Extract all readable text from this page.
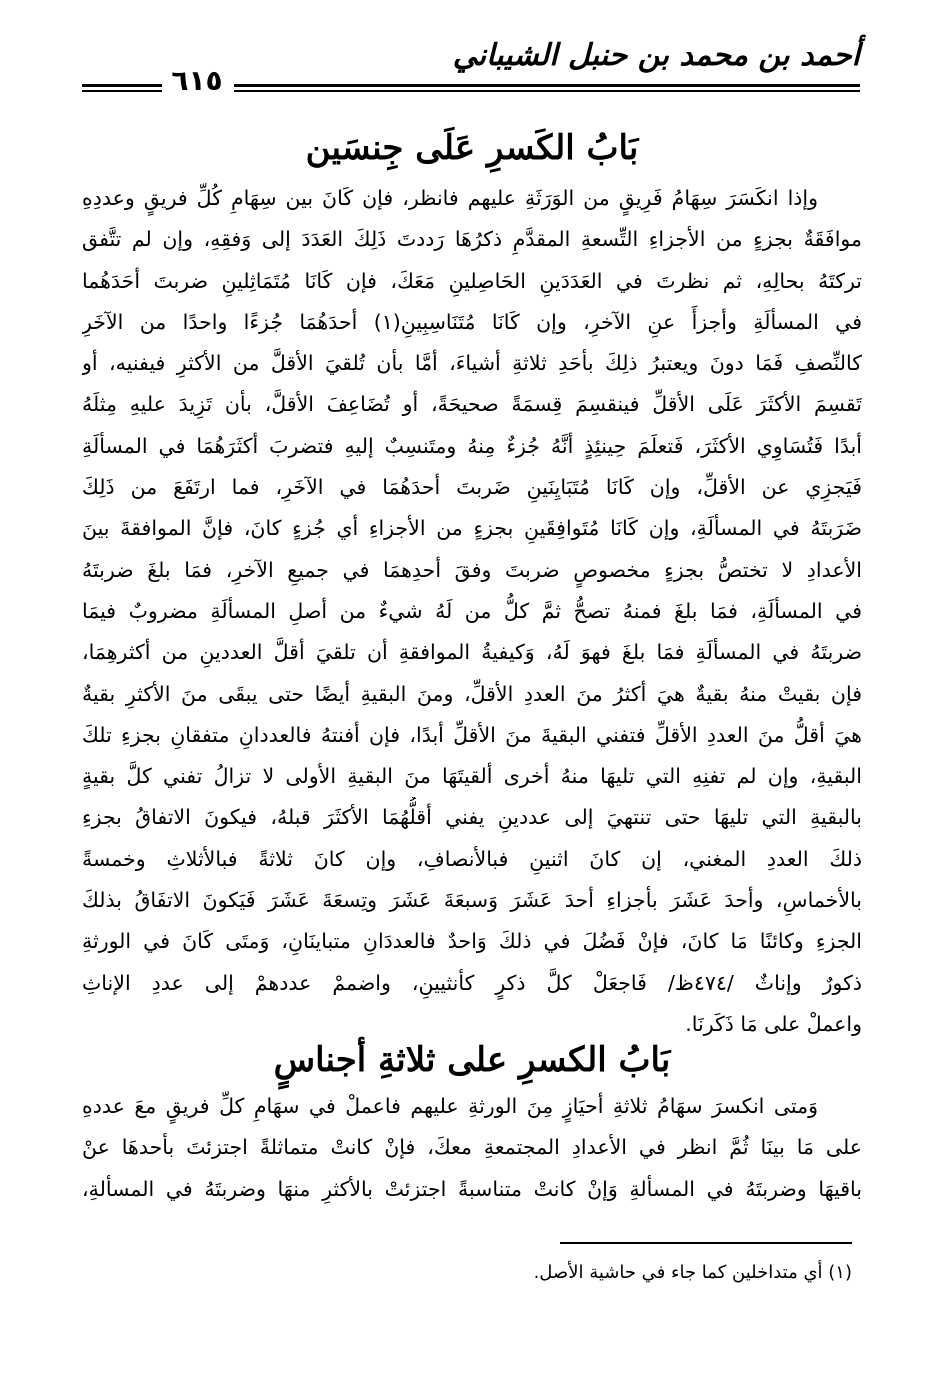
أحمد بن محمد بن حنبل الشيباني
٦١٥
بَابُ الكَسرِ عَلَى جِنسَين
وإذا انكَسَرَ سِهَامُ فَرِيقٍ من الوَرَثَةِ عليهم فانظر، فإن كَانَ بين سِهَامِ كُلِّ فريقٍ وعددِهِ
موافَقَةٌ بجزءٍ من الأجزاءِ التِّسعةِ المقدَّمِ ذكرُهَا رَددتَ ذَلِكَ العَدَدَ إلى وَفقِهِ، وإن لم تتَّفق
تركتَهُ بحالِهِ، ثم نظرتَ في العَدَدَينِ الحَاصِلينِ مَعَكَ، فإن كَانَا مُتَمَاثِلينِ ضربتَ أحَدَهُما
في المسألَةِ وأجزأَ عنِ الآخرِ، وإن كَانَا مُتَنَاسِبِينِ(١) أحدَهُمَا جُزءًا واحدًا من الآخَرِ
كالنِّصفِ فَمَا دونَ ويعتبرُ ذلِكَ بأحَدِ ثلاثةِ أشياءَ، أمَّا بأن تُلقيَ الأقلَّ من الأكثرِ فيفنيه، أو
تَقسِمَ الأكثَرَ عَلَى الأقلِّ فينقسِمَ قِسمَةً صحيحَةً، أو تُضَاعِفَ الأقلَّ، بأن تَزِيدَ عليهِ مِثلَهُ
أبدًا فَتُسَاوِي الأكثَرَ، فَتعلَمَ حِينئِذٍ أنَّهُ جُزءٌ مِنهُ ومتَنسِبٌ إليهِ فتضربَ أكثَرَهُمَا في المسألَةِ
فَيَجزِي عن الأقلِّ، وإن كَانَا مُتَبَايِنَينِ ضَربتَ أحدَهُمَا في الآخَرِ، فما ارتَفَعَ من ذَلِكَ
ضَرَبتَهُ في المسألَةِ، وإن كَانَا مُتَوافِقَينِ بجزءٍ من الأجزاءِ أي جُزءٍ كانَ، فإنَّ الموافقةَ بينَ
الأعدادِ لا تختصُّ بجزءٍ مخصوصٍ ضربتَ وفقَ أحدِهمَا في جميعِ الآخرِ، فمَا بلغَ ضربتَهُ
في المسألَةِ، فمَا بلغَ فمنهُ تصحُّ ثمَّ كلُّ من لَهُ شيءٌ من أصلِ المسألَةِ مضروبٌ فيمَا
ضربتَهُ في المسألَةِ فمَا بلغَ فهوَ لَهُ، وَكيفيةُ الموافقةِ أن تلقيَ أقلَّ العددينِ من أكثرهِمَا،
فإن بقيتْ منهُ بقيةٌ هيَ أكثرُ منَ العددِ الأقلِّ، ومنَ البقيةِ أيضًا حتى يبقَى منَ الأكثرِ بقيةٌ
هيَ أقلُّ منَ العددِ الأقلِّ فتفني البقيةَ منَ الأقلِّ أبدًا، فإن أفنتهُ فالعددانِ متفقانِ بجزءِ تلكَ
البقيةِ، وإن لم تفنِهِ التي تليهَا منهُ أخرى ألقيتَهَا منَ البقيةِ الأولى لا تزالُ تفني كلَّ بقيةٍ
بالبقيةِ التي تليهَا حتى تنتهيَ إلى عددينِ يفني أقلُّهُمَا الأكثَرَ قبلهُ، فيكونَ الاتفاقُ بجزءِ
ذلكَ العددِ المغني، إن كانَ اثنينِ فبالأنصافِ، وإن كانَ ثلاثةً فبالأثلاثِ وخمسةً
بالأخماسِ، وأحدَ عَشَرَ بأجزاءِ أحدَ عَشَرَ وَسبعَةَ عَشَرَ وتِسعَةَ عَشَرَ فَيَكونَ الاتفَاقُ بذلكَ
الجزءِ وكائنًا مَا كانَ، فإنْ فَضُلَ في ذلكَ وَاحدٌ فالعددَانِ متباينَانِ، وَمتَى كَانَ في الورثةِ
ذكورٌ وإناثٌ /٤٧٤ظ/ فَاجعَلْ كلَّ ذكرٍ كأنثيينِ، واضممْ عددهمْ إلى عددِ الإناثِ
واعملْ على مَا ذَكَرنَا.
بَابُ الكسرِ على ثلاثةِ أجناسٍ
وَمتى انكسرَ سهَامُ ثلاثةِ أحيَازٍ مِنَ الورثةِ عليهم فاعملْ في سهَامِ كلِّ فريقٍ معَ عددهِ
على مَا بينَا ثُمَّ انظر في الأعدادِ المجتمعةِ معكَ، فإنْ كانتْ متماثلةً اجتزئتَ بأحدهَا عنْ
باقيهَا وضربتَهُ في المسألةِ وَإنْ كانتْ متناسبةً اجتزئتْ بالأكثرِ منهَا وضربتَهُ في المسألةِ،
(١) أي متداخلين كما جاء في حاشية الأصل.
